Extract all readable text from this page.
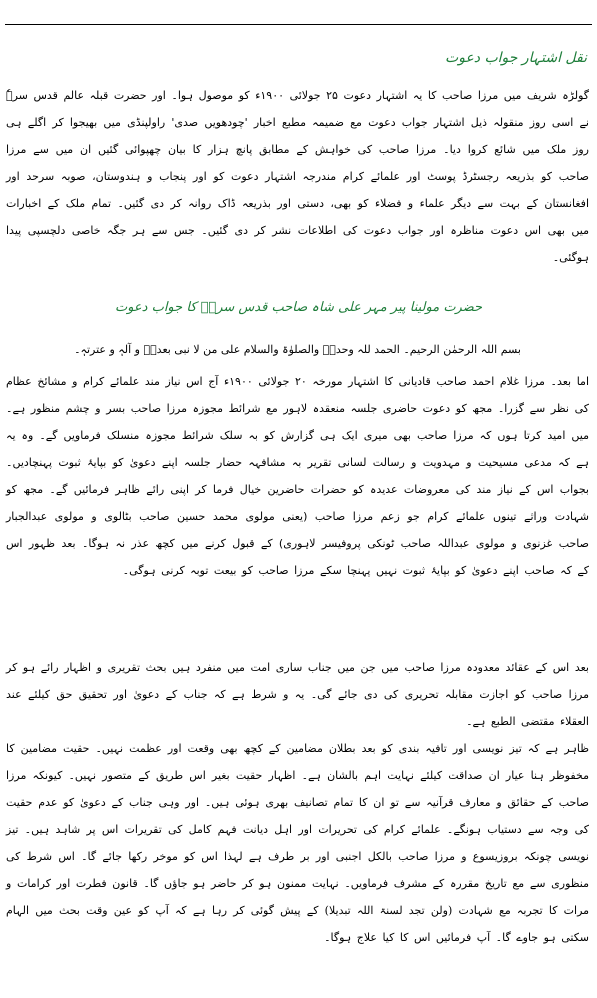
نقل اشتہار جواب دعوت
گولڑہ شریف میں مرزا صاحب کا یہ اشتہار دعوت ۲۵ جولائی ۱۹۰۰ء کو موصول ہوا۔ اور حضرت قبلہ عالم قدس سرہٗ نے اسی روز منقولہ ذیل اشتہار جواب دعوت مع ضمیمہ مطبع اخبار 'چودھویں صدی' راولپنڈی میں بھیجوا کر اگلے ہی روز ملک میں شائع کروا دیا۔ مرزا صاحب کی خواہش کے مطابق پانچ ہزار کا بیان چھپوائی گئیں ان میں سے مرزا صاحب کو بذریعہ رجسٹرڈ پوسٹ اور علمائے کرام مندرجہ اشتہار دعوت کو اور پنجاب و ہندوستان، صوبہ سرحد اور افغانستان کے بہت سے دیگر علماء و فضلاء کو بھی، دستی اور بذریعہ ڈاک روانہ کر دی گئیں۔ تمام ملک کے اخبارات میں بھی اس دعوت مناظرہ اور جواب دعوت کی اطلاعات نشر کر دی گئیں۔ جس سے ہر جگہ خاصی دلچسپی پیدا ہوگئی۔
حضرت مولینا پیر مہر علی شاہ صاحب قدس سرہٗ کا جواب دعوت
بسم اللہ الرحمٰن الرحیم۔ الحمد للہ وحدہٗ والصلوٰۃ والسلام علی من لا نبی بعدہٗ و آلہٖ و عترتہٖ۔
اما بعد۔ مرزا غلام احمد صاحب قادیانی کا اشتہار مورخہ ۲۰ جولائی ۱۹۰۰ء آج اس نیاز مند علمائے کرام و مشائخ عظام کی نظر سے گزرا۔ مجھ کو دعوت حاضری جلسہ منعقدہ لاہور مع شرائط مجوزہ مرزا صاحب بسر و چشم منظور ہے۔ میں امید کرتا ہوں کہ مرزا صاحب بھی میری ایک ہی گزارش کو بہ سلک شرائط مجوزہ منسلک فرماویں گے۔ وہ یہ ہے کہ مدعی مسیحیت و مہدویت و رسالت لسانی تقریر بہ مشافہہ حضار جلسہ اپنے دعویٰ کو بپایۂ ثبوت پہنچادیں۔ بجواب اس کے نیاز مند کی معروضات عدیدہ کو حضرات حاضرین خیال فرما کر اپنی رائے ظاہر فرمائیں گے۔ مجھ کو شہادت وراثے تینوں علمائے کرام جو زعم مرزا صاحب (یعنی مولوی محمد حسین صاحب بٹالوی و مولوی عبدالجبار صاحب غزنوی و مولوی عبداللہ صاحب ٹونکی پروفیسر لاہوری) کے قبول کرنے میں کچھ عذر نہ ہوگا۔ بعد ظہور اس کے کہ صاحب اپنے دعویٰ کو بپایۂ ثبوت نہیں پہنچا سکے مرزا صاحب کو بیعت توبہ کرنی ہوگی۔
بعد اس کے عقائد معدودہ مرزا صاحب میں جن میں جناب ساری امت میں منفرد ہیں بحث تقریری و اظہار رائے ہو کر مرزا صاحب کو اجازت مقابلہ تحریری کی دی جائے گی۔ یہ و شرط ہے کہ جناب کے دعویٰ اور تحقیق حق کیلئے عند العقلاء مقتضی الطبع ہے۔
ظاہر ہے کہ تیز نویسی اور تافیہ بندی کو بعد بطلان مضامین کے کچھ بھی وقعت اور عظمت نہیں۔ حقیت مضامین کا مخفوظر ہنا عیار ان صداقت کیلئے نہایت اہم بالشان ہے۔ اظہار حقیت بغیر اس طریق کے متصور نہیں۔ کیونکہ مرزا صاحب کے حقائق و معارف قرآنیہ سے تو ان کا تمام تصانیف بھری ہوئی ہیں۔ اور وہی جناب کے دعویٰ کو عدم حقیت کی وجہ سے دستیاب ہونگے۔ علمائے کرام کی تحریرات اور اہل دیانت فہم کامل کی تقریرات اس پر شاہد ہیں۔ تیز نویسی چونکہ بروزیسوع و مرزا صاحب بالکل اجنبی اور بر طرف ہے لہذا اس کو موخر رکھا جائے گا۔ اس شرط کی منظوری سے مع تاریخ مقررہ کے مشرف فرماویں۔ نہایت ممنون ہو کر حاضر ہو جاؤں گا۔ قانون فطرت اور کرامات و مرات کا تجربہ مع شہادت (ولن تجد لسنۃ اللہ تبدیلا) کے پیش گوئی کر رہا ہے کہ آپ کو عین وقت بحث میں الہام سکتی ہو جاوے گا۔ آپ فرمائیں اس کا کیا علاج ہوگا۔
